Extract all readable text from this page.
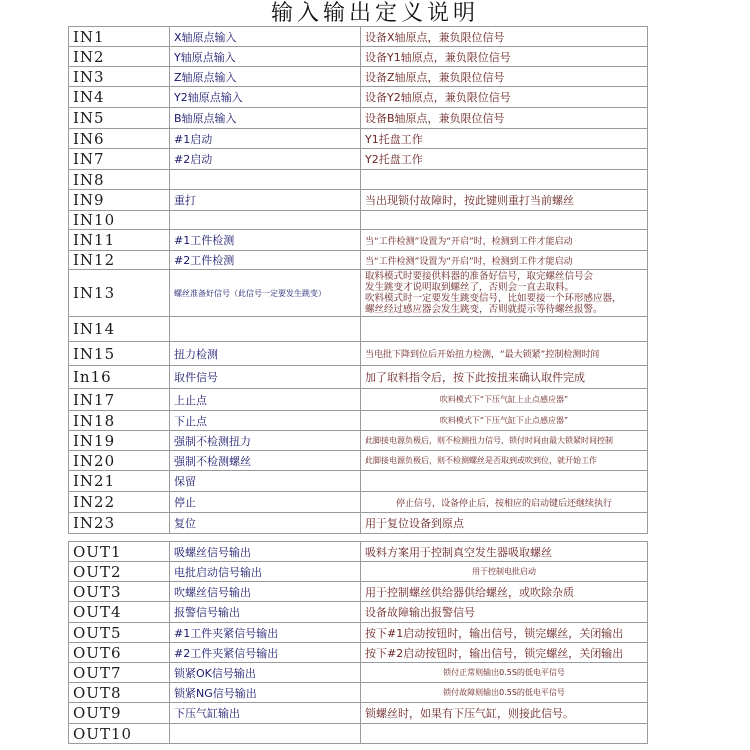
输入输出定义说明
IN1	X轴原点输入	设备X轴原点，兼负限位信号
IN2	Y轴原点输入	设备Y1轴原点，兼负限位信号
IN3	Z轴原点输入	设备Z轴原点，兼负限位信号
IN4	Y2轴原点输入	设备Y2轴原点，兼负限位信号
IN5	B轴原点输入	设备B轴原点，兼负限位信号
IN6	#1启动	Y1托盘工作
IN7	#2启动	Y2托盘工作
IN8		
IN9	重打	当出现锁付故障时，按此键则重打当前螺丝
IN10		
IN11	#1工件检测	当“工件检测”设置为“开启”时，检测到工件才能启动
IN12	#2工件检测	当“工件检测”设置为“开启”时，检测到工件才能启动
IN13	螺丝准备好信号（此信号一定要发生跳变）	取料模式时要接供料器的准备好信号，取完螺丝信号会
发生跳变才说明取到螺丝了，否则会一直去取料。
吹料模式时一定要发生跳变信号，比如要接一个环形感应器，
螺丝经过感应器会发生跳变，否则就提示等待螺丝报警。

IN14		
IN15	扭力检测	当电批下降到位后开始扭力检测，“最大锁紧”控制检测时间
In16	取件信号	加了取料指令后，按下此按扭来确认取件完成
IN17	上止点	吹料模式下“下压气缸上止点感应器”
IN18	下止点	吹料模式下“下压气缸下止点感应器”
IN19	强制不检测扭力	此脚接电源负极后，则不检测扭力信号，锁付时间由最大锁紧时间控制
IN20	强制不检测螺丝	此脚接电源负极后，则不检测螺丝是否取到或吹到位，就开始工作
IN21	保留	
IN22	停止	停止信号，设备停止后，按相应的启动键后还继续执行
IN23	复位	用于复位设备到原点
OUT1	吸螺丝信号输出	吸料方案用于控制真空发生器吸取螺丝
OUT2	电批启动信号输出	用于控制电批启动
OUT3	吹螺丝信号输出	用于控制螺丝供给器供给螺丝，或吹除杂质
OUT4	报警信号输出	设备故障输出报警信号
OUT5	#1工件夹紧信号输出	按下#1启动按钮时，输出信号，锁完螺丝，关闭输出
OUT6	#2工件夹紧信号输出	按下#2启动按钮时，输出信号，锁完螺丝，关闭输出
OUT7	锁紧OK信号输出	锁付正常则输出0.5S的低电平信号
OUT8	锁紧NG信号输出	锁付故障则输出0.5S的低电平信号
OUT9	下压气缸输出	锁螺丝时，如果有下压气缸，则接此信号。
OUT10		
